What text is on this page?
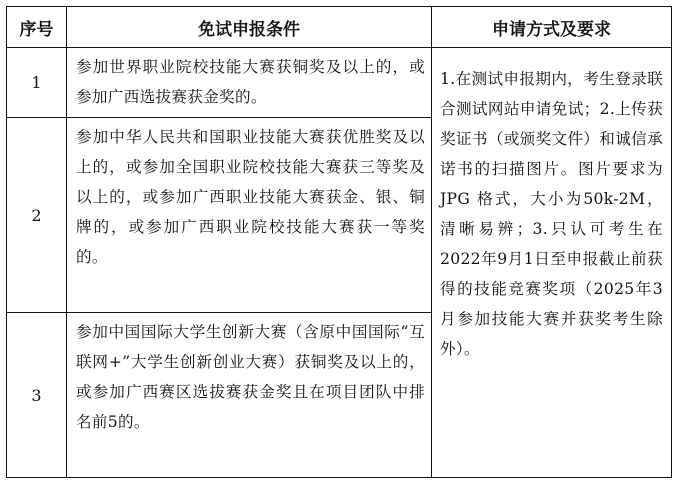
序号	免试申报条件	申请方式及要求
1	参加世界职业院校技能大赛获铜奖及以上的，或参加广西选拔赛获金奖的。	1.在测试申报期内，考生登录联合测试网站申请免试；2.上传获奖证书（或颁奖文件）和诚信承诺书的扫描图片。图片要求为 JPG 格式，大小为50k-2M，清晰易辨；3.只认可考生在2022年9月1日至申报截止前获得的技能竞赛奖项（2025年3月参加技能大赛并获奖考生除外）。

2	参加中华人民共和国职业技能大赛获优胜奖及以上的，或参加全国职业院校技能大赛获三等奖及以上的，或参加广西职业技能大赛获金、银、铜牌的，或参加广西职业院校技能大赛获一等奖的。	

3	参加中国国际大学生创新大赛（含原中国国际“互联网+”大学生创新创业大赛）获铜奖及以上的，或参加广西赛区选拔赛获金奖且在项目团队中排名前5的。	
